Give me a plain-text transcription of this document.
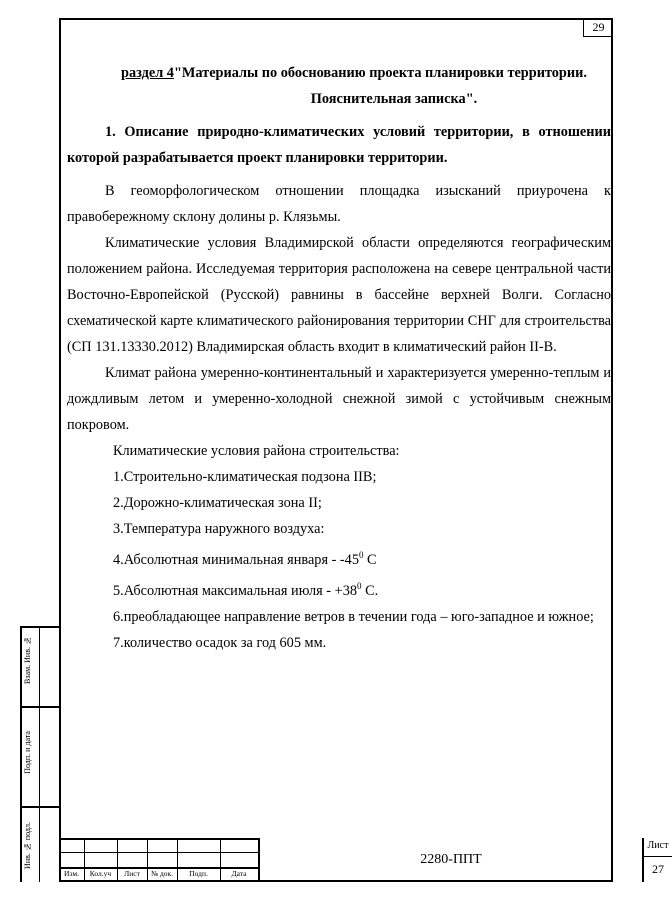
29

раздел 4"Материалы по обоснованию проекта планировки территории.

Пояснительная записка".

1. Описание природно-климатических условий территории, в отношении которой разрабатывается проект планировки территории.

В геоморфологическом отношении площадка изысканий приурочена к правобережному склону долины р. Клязьмы.

Климатические условия Владимирской области определяются географическим положением района. Исследуемая территория расположена на севере центральной части Восточно-Европейской (Русской) равнины в бассейне верхней Волги. Согласно схематической карте климатического районирования территории СНГ для строительства (СП 131.13330.2012) Владимирская область входит в климатический район II-В.

Климат района умеренно-континентальный и характеризуется умеренно-теплым и дождливым летом и умеренно-холодной снежной зимой с устойчивым снежным покровом.

Климатические условия района строительства:

1.Строительно-климатическая подзона IIВ;

2.Дорожно-климатическая зона II;

3.Температура наружного воздуха:

4.Абсолютная минимальная января - $-45^0$ С

5.Абсолютная максимальная июля - $+38^0$ С.

6.преобладающее направление ветров в течении года – юго-западное и южное;

7.количество осадок за год 605 мм.

Взам. Инв. №
Подп. и дата
Инв. № подл.
Изм.	Кол.уч	Лист	№ док.	Подп.	Дата
2280-ППТ
Лист
27
